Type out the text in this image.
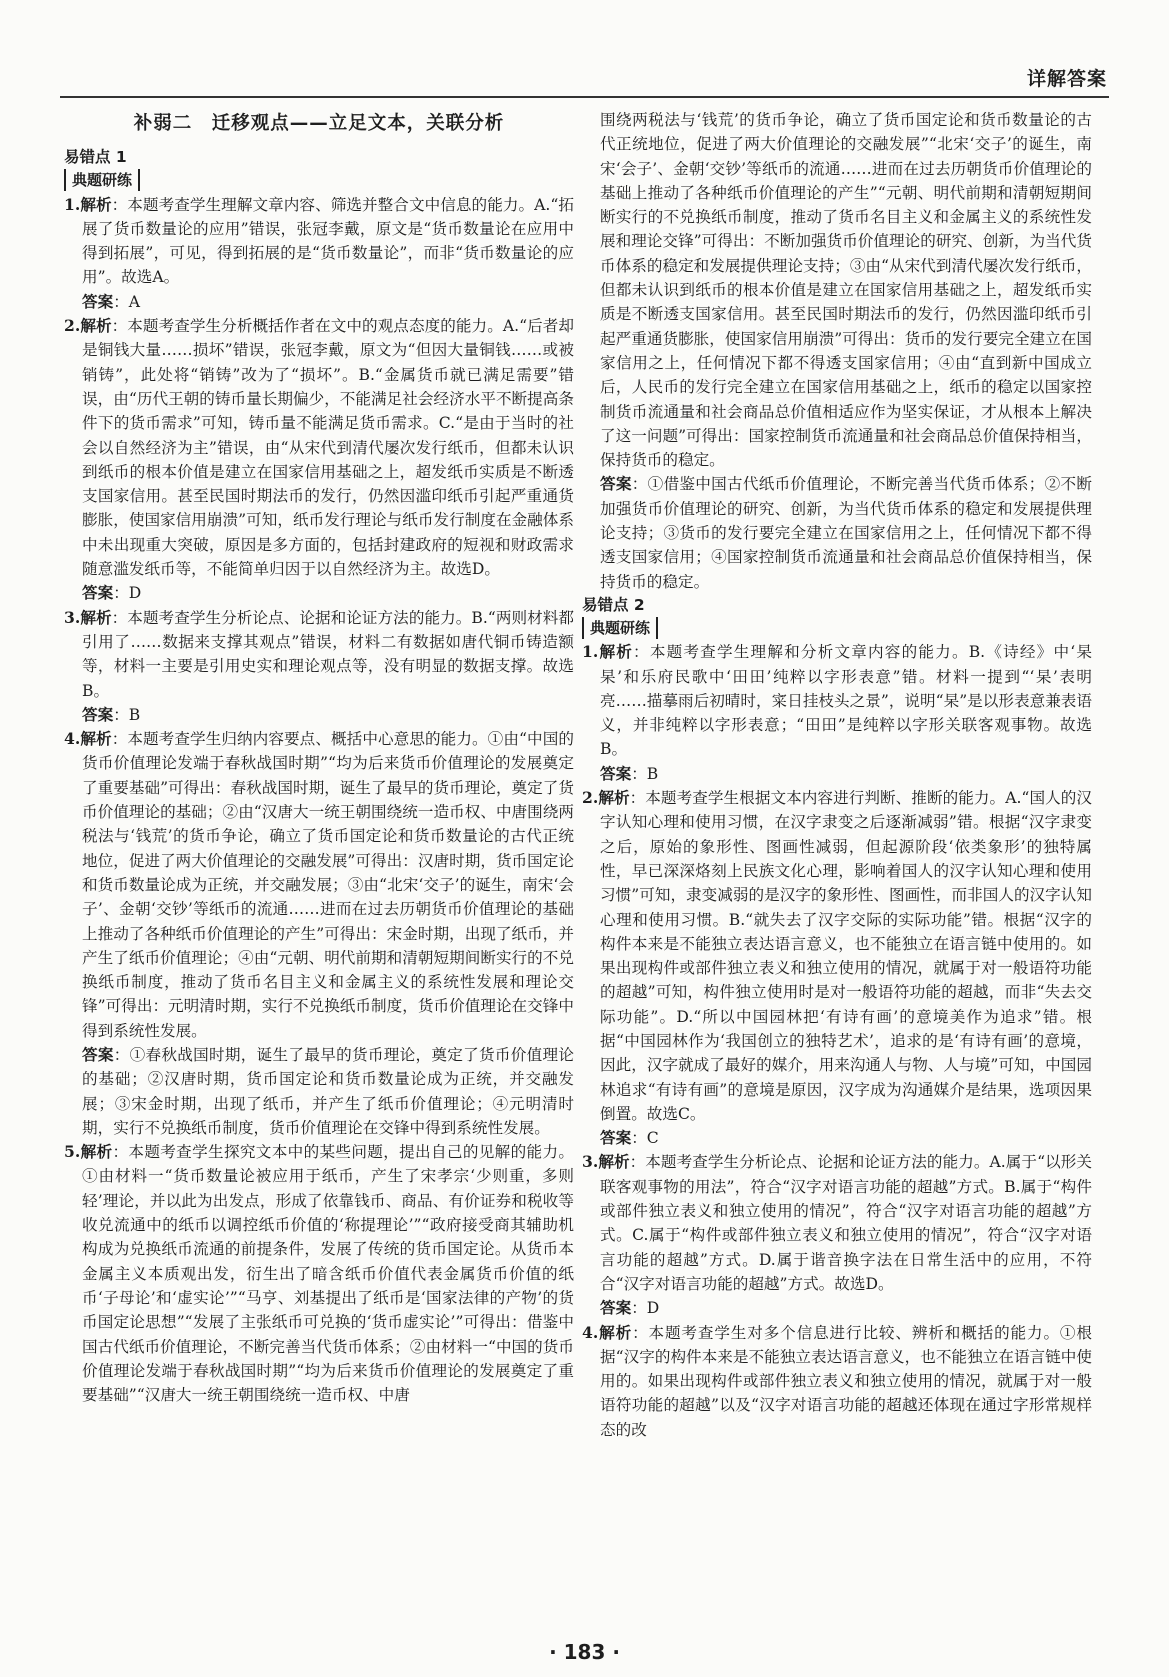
详解答案
补弱二　迁移观点——立足文本，关联分析
易错点 1
典题研练
1.解析：本题考查学生理解文章内容、筛选并整合文中信息的能力。A.“拓展了货币数量论的应用”错误，张冠李戴，原文是“货币数量论在应用中得到拓展”，可见，得到拓展的是“货币数量论”，而非“货币数量论的应用”。故选A。
答案：A
2.解析：本题考查学生分析概括作者在文中的观点态度的能力。A.“后者却是铜钱大量……损坏”错误，张冠李戴，原文为“但因大量铜钱……或被销铸”，此处将“销铸”改为了“损坏”。B.“金属货币就已满足需要”错误，由“历代王朝的铸币量长期偏少，不能满足社会经济水平不断提高条件下的货币需求”可知，铸币量不能满足货币需求。C.“是由于当时的社会以自然经济为主”错误，由“从宋代到清代屡次发行纸币，但都未认识到纸币的根本价值是建立在国家信用基础之上，超发纸币实质是不断透支国家信用。甚至民国时期法币的发行，仍然因滥印纸币引起严重通货膨胀，使国家信用崩溃”可知，纸币发行理论与纸币发行制度在金融体系中未出现重大突破，原因是多方面的，包括封建政府的短视和财政需求随意滥发纸币等，不能简单归因于以自然经济为主。故选D。
答案：D
3.解析：本题考查学生分析论点、论据和论证方法的能力。B.“两则材料都引用了……数据来支撑其观点”错误，材料二有数据如唐代铜币铸造额等，材料一主要是引用史实和理论观点等，没有明显的数据支撑。故选B。
答案：B
4.解析：本题考查学生归纳内容要点、概括中心意思的能力。①由“中国的货币价值理论发端于春秋战国时期”“均为后来货币价值理论的发展奠定了重要基础”可得出：春秋战国时期，诞生了最早的货币理论，奠定了货币价值理论的基础；②由“汉唐大一统王朝围绕统一造币权、中唐围绕两税法与‘钱荒’的货币争论，确立了货币国定论和货币数量论的古代正统地位，促进了两大价值理论的交融发展”可得出：汉唐时期，货币国定论和货币数量论成为正统，并交融发展；③由“北宋‘交子’的诞生，南宋‘会子’、金朝‘交钞’等纸币的流通……进而在过去历朝货币价值理论的基础上推动了各种纸币价值理论的产生”可得出：宋金时期，出现了纸币，并产生了纸币价值理论；④由“元朝、明代前期和清朝短期间断实行的不兑换纸币制度，推动了货币名目主义和金属主义的系统性发展和理论交锋”可得出：元明清时期，实行不兑换纸币制度，货币价值理论在交锋中得到系统性发展。
答案：①春秋战国时期，诞生了最早的货币理论，奠定了货币价值理论的基础；②汉唐时期，货币国定论和货币数量论成为正统，并交融发展；③宋金时期，出现了纸币，并产生了纸币价值理论；④元明清时期，实行不兑换纸币制度，货币价值理论在交锋中得到系统性发展。
5.解析：本题考查学生探究文本中的某些问题，提出自己的见解的能力。①由材料一“货币数量论被应用于纸币，产生了宋孝宗‘少则重，多则轻’理论，并以此为出发点，形成了依靠钱币、商品、有价证券和税收等收兑流通中的纸币以调控纸币价值的‘称提理论’”“政府接受商其辅助机构成为兑换纸币流通的前提条件，发展了传统的货币国定论。从货币本金属主义本质观出发，衍生出了暗含纸币价值代表金属货币价值的纸币‘子母论’和‘虚实论’”“马亨、刘基提出了纸币是‘国家法律的产物’的货币国定论思想”“发展了主张纸币可兑换的‘货币虚实论’”可得出：借鉴中国古代纸币价值理论，不断完善当代货币体系；②由材料一“中国的货币价值理论发端于春秋战国时期”“均为后来货币价值理论的发展奠定了重要基础”“汉唐大一统王朝围绕统一造币权、中唐
围绕两税法与‘钱荒’的货币争论，确立了货币国定论和货币数量论的古代正统地位，促进了两大价值理论的交融发展”“北宋‘交子’的诞生，南宋‘会子’、金朝‘交钞’等纸币的流通……进而在过去历朝货币价值理论的基础上推动了各种纸币价值理论的产生”“元朝、明代前期和清朝短期间断实行的不兑换纸币制度，推动了货币名目主义和金属主义的系统性发展和理论交锋”可得出：不断加强货币价值理论的研究、创新，为当代货币体系的稳定和发展提供理论支持；③由“从宋代到清代屡次发行纸币，但都未认识到纸币的根本价值是建立在国家信用基础之上，超发纸币实质是不断透支国家信用。甚至民国时期法币的发行，仍然因滥印纸币引起严重通货膨胀，使国家信用崩溃”可得出：货币的发行要完全建立在国家信用之上，任何情况下都不得透支国家信用；④由“直到新中国成立后，人民币的发行完全建立在国家信用基础之上，纸币的稳定以国家控制货币流通量和社会商品总价值相适应作为坚实保证，才从根本上解决了这一问题”可得出：国家控制货币流通量和社会商品总价值保持相当，保持货币的稳定。
答案：①借鉴中国古代纸币价值理论，不断完善当代货币体系；②不断加强货币价值理论的研究、创新，为当代货币体系的稳定和发展提供理论支持；③货币的发行要完全建立在国家信用之上，任何情况下都不得透支国家信用；④国家控制货币流通量和社会商品总价值保持相当，保持货币的稳定。
易错点 2
典题研练
1.解析：本题考查学生理解和分析文章内容的能力。B.《诗经》中‘杲杲’和乐府民歌中‘田田’纯粹以字形表意”错。材料一提到“‘杲’表明亮……描摹雨后初晴时，寀日挂枝头之景”，说明“杲”是以形表意兼表语义，并非纯粹以字形表意；“田田”是纯粹以字形关联客观事物。故选B。
答案：B
2.解析：本题考查学生根据文本内容进行判断、推断的能力。A.“国人的汉字认知心理和使用习惯，在汉字隶变之后逐渐减弱”错。根据“汉字隶变之后，原始的象形性、图画性减弱，但起源阶段‘依类象形’的独特属性，早已深深烙刻上民族文化心理，影响着国人的汉字认知心理和使用习惯”可知，隶变减弱的是汉字的象形性、图画性，而非国人的汉字认知心理和使用习惯。B.“就失去了汉字交际的实际功能”错。根据“汉字的构件本来是不能独立表达语言意义，也不能独立在语言链中使用的。如果出现构件或部件独立表义和独立使用的情况，就属于对一般语符功能的超越”可知，构件独立使用时是对一般语符功能的超越，而非“失去交际功能”。D.“所以中国园林把‘有诗有画’的意境美作为追求”错。根据“中国园林作为‘我国创立的独特艺术’，追求的是‘有诗有画’的意境，因此，汉字就成了最好的媒介，用来沟通人与物、人与境”可知，中国园林追求“有诗有画”的意境是原因，汉字成为沟通媒介是结果，选项因果倒置。故选C。
答案：C
3.解析：本题考查学生分析论点、论据和论证方法的能力。A.属于“以形关联客观事物的用法”，符合“汉字对语言功能的超越”方式。B.属于“构件或部件独立表义和独立使用的情况”，符合“汉字对语言功能的超越”方式。C.属于“构件或部件独立表义和独立使用的情况”，符合“汉字对语言功能的超越”方式。D.属于谐音换字法在日常生活中的应用，不符合“汉字对语言功能的超越”方式。故选D。
答案：D
4.解析：本题考查学生对多个信息进行比较、辨析和概括的能力。①根据“汉字的构件本来是不能独立表达语言意义，也不能独立在语言链中使用的。如果出现构件或部件独立表义和独立使用的情况，就属于对一般语符功能的超越”以及“汉字对语言功能的超越还体现在通过字形常规样态的改
· 183 ·
